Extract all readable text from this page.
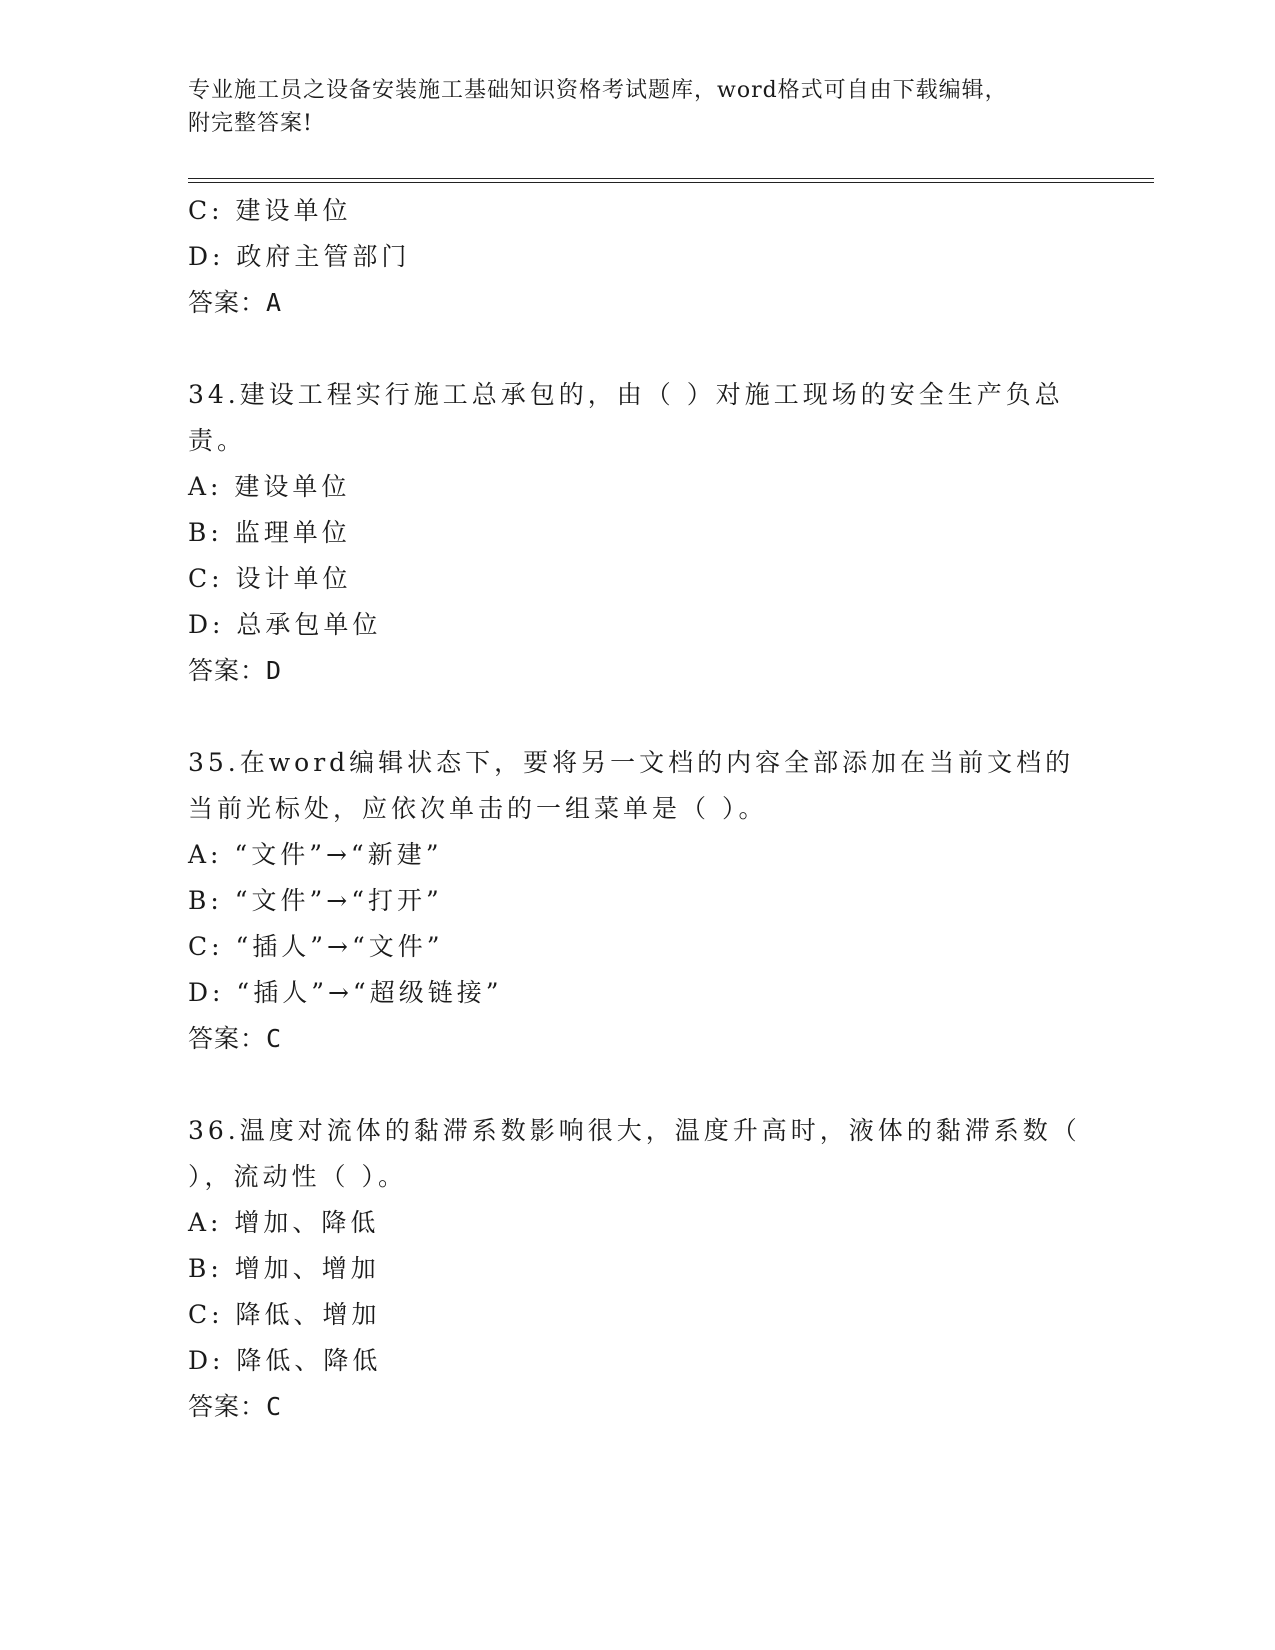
专业施工员之设备安装施工基础知识资格考试题库，word格式可自由下载编辑，
附完整答案!
C: 建设单位
D: 政府主管部门
答案：A
34.建设工程实行施工总承包的，由（ ）对施工现场的安全生产负总
责。
A: 建设单位
B: 监理单位
C: 设计单位
D: 总承包单位
答案：D
35.在word编辑状态下，要将另一文档的内容全部添加在当前文档的
当前光标处，应依次单击的一组菜单是（ ）。
A: “文件”→“新建”
B: “文件”→“打开”
C: “插人”→“文件”
D: “插人”→“超级链接”
答案：C
36.温度对流体的黏滞系数影响很大，温度升高时，液体的黏滞系数（
），流动性（ ）。
A: 增加、降低
B: 增加、增加
C: 降低、增加
D: 降低、降低
答案：C
